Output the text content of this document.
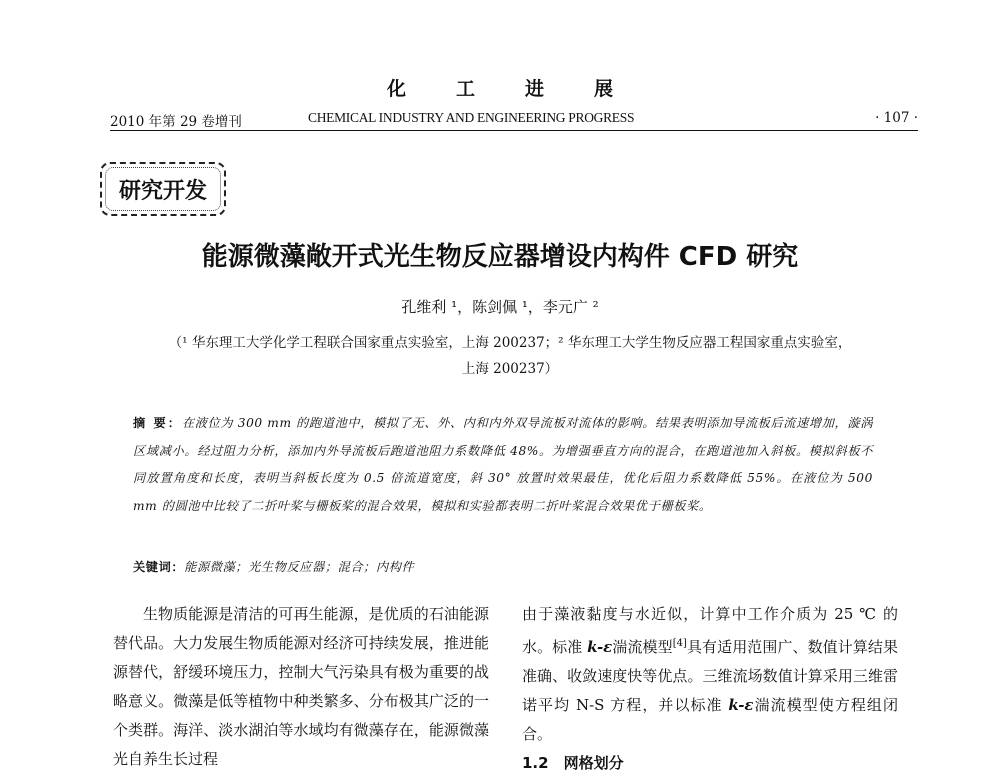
化工进展
2010 年第 29 卷增刊	CHEMICAL INDUSTRY AND ENGINEERING PROGRESS	· 107 ·
研究开发
能源微藻敞开式光生物反应器增设内构件 CFD 研究
孔维利 ¹，陈剑佩 ¹，李元广 ²
（¹ 华东理工大学化学工程联合国家重点实验室，上海 200237；² 华东理工大学生物反应器工程国家重点实验室，
上海 200237）
摘 要：在液位为 300 mm 的跑道池中，模拟了无、外、内和内外双导流板对流体的影响。结果表明添加导流板后流速增加，漩涡区域减小。经过阻力分析，添加内外导流板后跑道池阻力系数降低 48%。为增强垂直方向的混合，在跑道池加入斜板。模拟斜板不同放置角度和长度，表明当斜板长度为 0.5 倍流道宽度，斜 30° 放置时效果最佳，优化后阻力系数降低 55%。在液位为 500 mm 的圆池中比较了二折叶桨与栅板桨的混合效果，模拟和实验都表明二折叶桨混合效果优于栅板桨。
关键词：能源微藻；光生物反应器；混合；内构件
生物质能源是清洁的可再生能源，是优质的石油能源替代品。大力发展生物质能源对经济可持续发展，推进能源替代，舒缓环境压力，控制大气污染具有极为重要的战略意义。微藻是低等植物中种类繁多、分布极其广泛的一个类群。海洋、淡水湖泊等水域均有微藻存在，能源微藻光自养生长过程
由于藻液黏度与水近似，计算中工作介质为 25 ℃ 的水。标准 k-ε湍流模型[4]具有适用范围广、数值计算结果准确、收敛速度快等优点。三维流场数值计算采用三维雷诺平均 N-S 方程，并以标准 k-ε湍流模型使方程组闭合。
1.2　网格划分
